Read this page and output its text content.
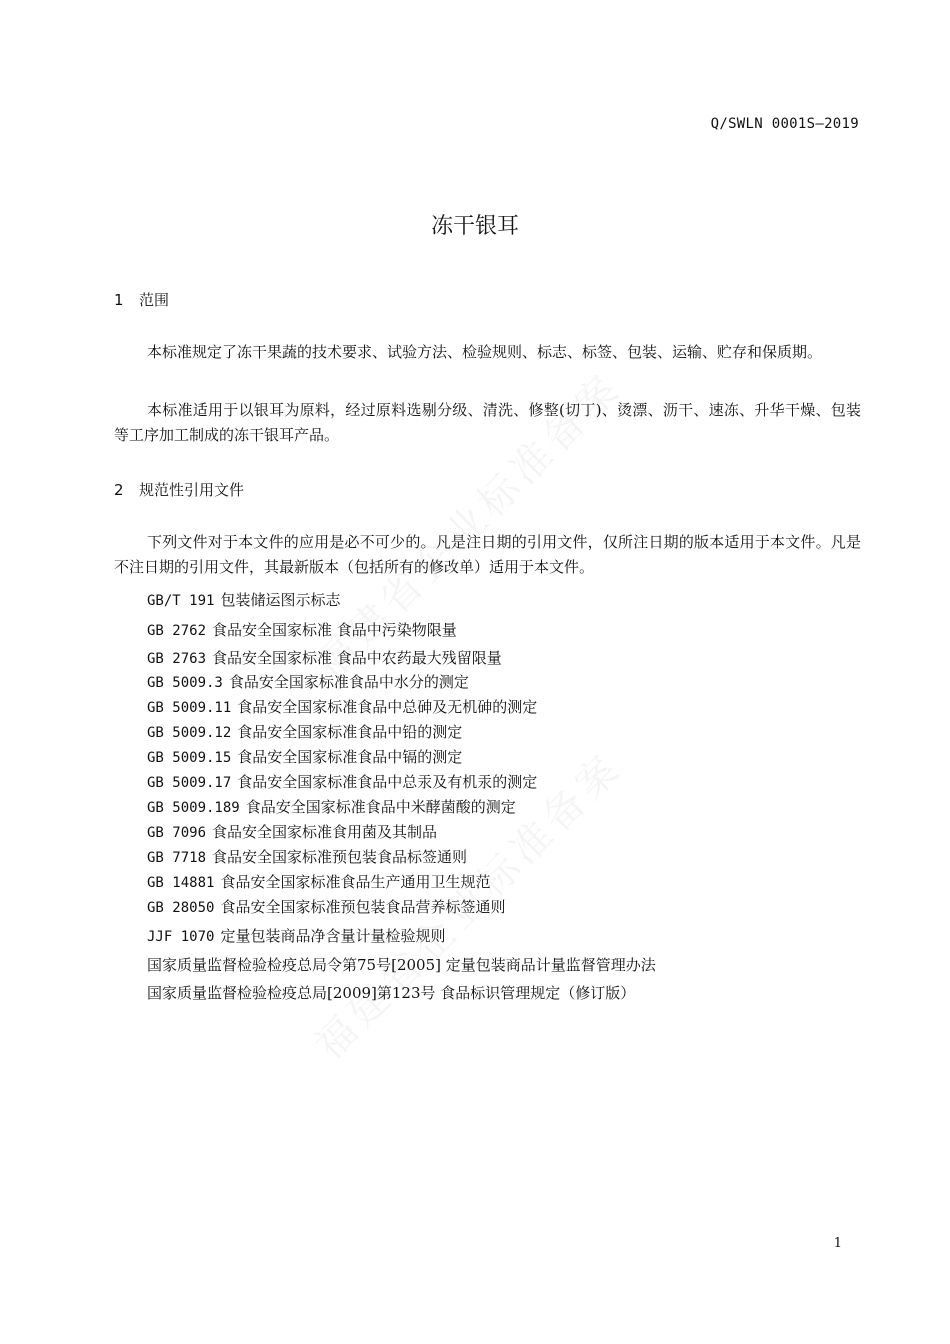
Q/SWLN 0001S—2019
冻干银耳
1 范围

本标准规定了冻干果蔬的技术要求、试验方法、检验规则、标志、标签、包装、运输、贮存和保质期。

本标准适用于以银耳为原料，经过原料选剔分级、清洗、修整(切丁)、烫漂、沥干、速冻、升华干燥、包装等工序加工制成的冻干银耳产品。

2 规范性引用文件

下列文件对于本文件的应用是必不可少的。凡是注日期的引用文件，仅所注日期的版本适用于本文件。凡是不注日期的引用文件，其最新版本（包括所有的修改单）适用于本文件。

GB/T 191 包装储运图示标志
GB 2762 食品安全国家标准 食品中污染物限量
GB 2763 食品安全国家标准 食品中农药最大残留限量
GB 5009.3 食品安全国家标准食品中水分的测定
GB 5009.11 食品安全国家标准食品中总砷及无机砷的测定
GB 5009.12 食品安全国家标准食品中铅的测定
GB 5009.15 食品安全国家标准食品中镉的测定
GB 5009.17 食品安全国家标准食品中总汞及有机汞的测定
GB 5009.189 食品安全国家标准食品中米酵菌酸的测定
GB 7096 食品安全国家标准食用菌及其制品
GB 7718 食品安全国家标准预包装食品标签通则
GB 14881 食品安全国家标准食品生产通用卫生规范
GB 28050 食品安全国家标准预包装食品营养标签通则
JJF 1070 定量包装商品净含量计量检验规则
国家质量监督检验检疫总局令第75号[2005] 定量包装商品计量监督管理办法
国家质量监督检验检疫总局[2009]第123号 食品标识管理规定（修订版）
1
